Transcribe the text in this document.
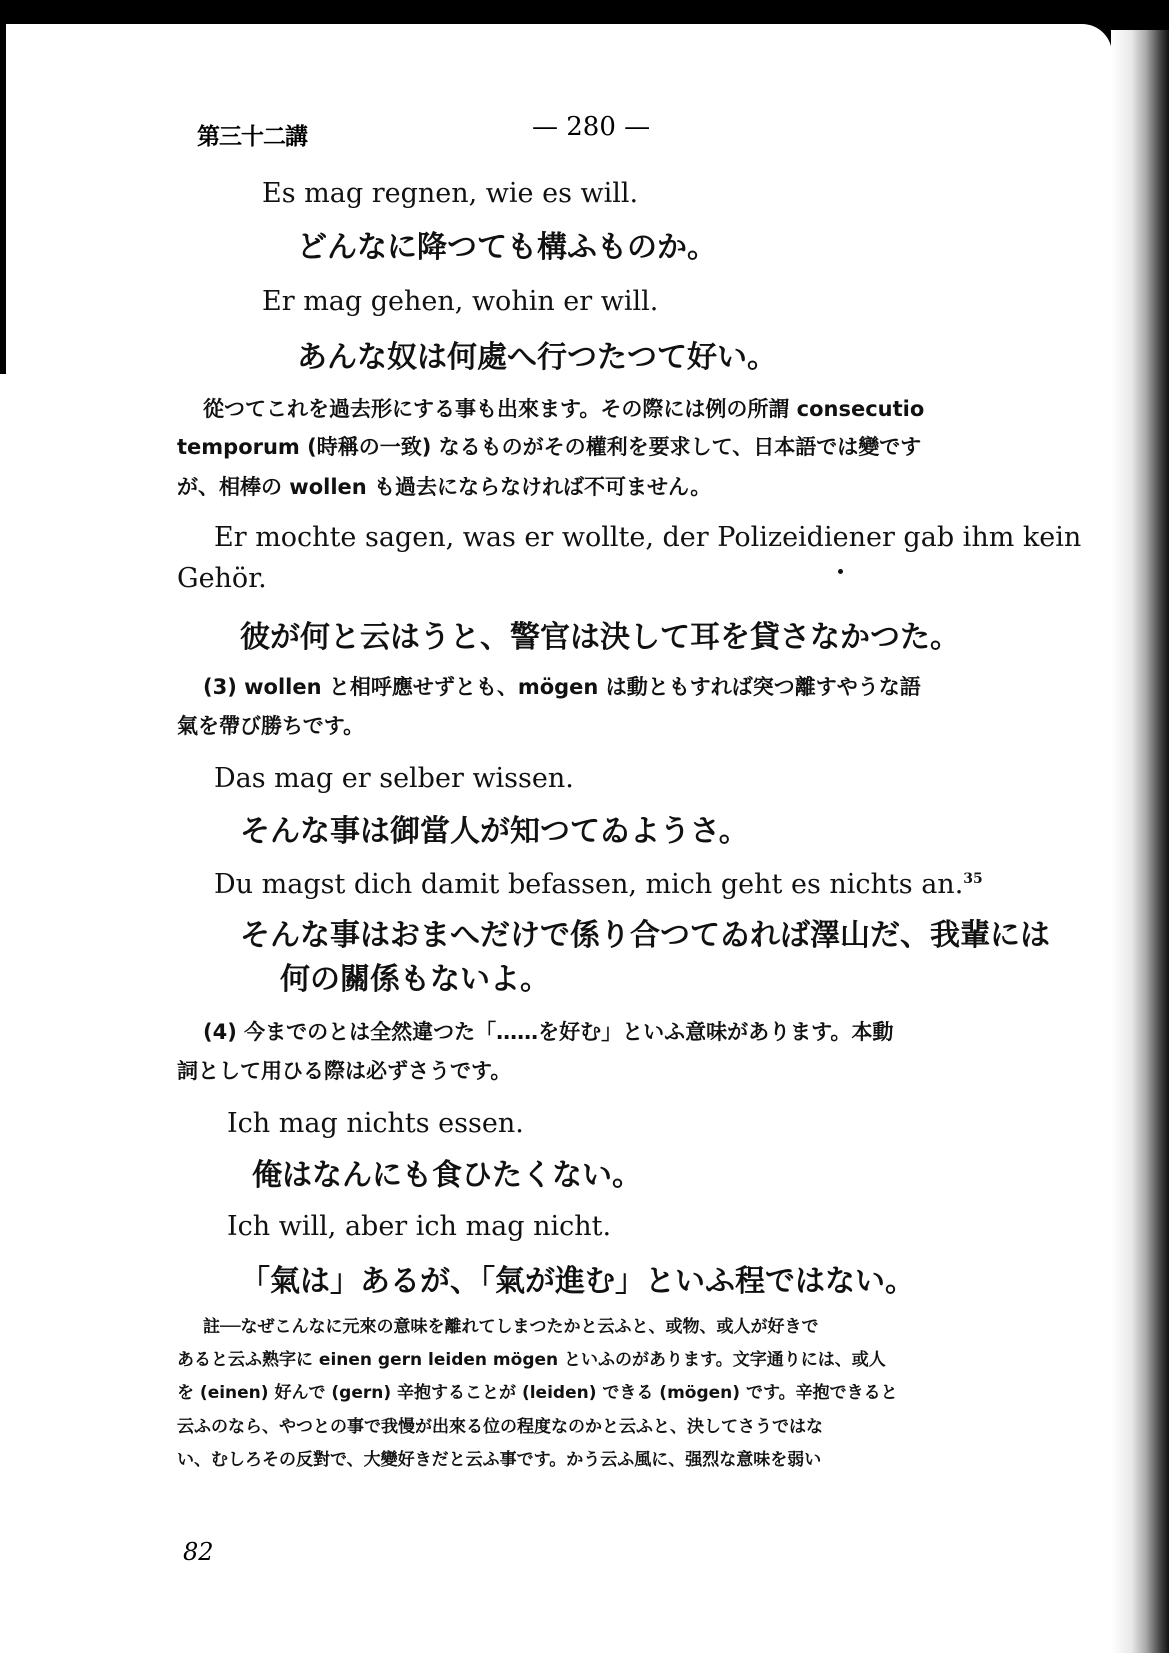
第三十二講	— 280 —
Es mag regnen, wie es will.
どんなに降つても構ふものか。
Er mag gehen, wohin er will.
あんな奴は何處へ行つたつて好い。
從つてこれを過去形にする事も出來ます。その際には例の所謂 consecutio
temporum (時稱の一致) なるものがその權利を要求して、日本語では變です
が、相棒の wollen も過去にならなければ不可ません。
Er mochte sagen, was er wollte, der Polizeidiener gab ihm kein
Gehör.
彼が何と云はうと、警官は決して耳を貸さなかつた。
(3) wollen と相呼應せずとも、mögen は動ともすれば突つ離すやうな語
氣を帶び勝ちです。
Das mag er selber wissen.
そんな事は御當人が知つてゐようさ。
Du magst dich damit befassen, mich geht es nichts an.$^{35}$
そんな事はおまへだけで係り合つてゐれば澤山だ、我輩には
何の關係もないよ。
(4) 今までのとは全然違つた「……を好む」といふ意味があります。本動
詞として用ひる際は必ずさうです。
Ich mag nichts essen.
俺はなんにも食ひたくない。
Ich will, aber ich mag nicht.
「氣は」あるが、「氣が進む」といふ程ではない。
註──なぜこんなに元來の意味を離れてしまつたかと云ふと、或物、或人が好きで
あると云ふ熟字に einen gern leiden mögen といふのがあります。文字通りには、或人
を (einen) 好んで (gern) 辛抱することが (leiden) できる (mögen) です。辛抱できると
云ふのなら、やつとの事で我慢が出來る位の程度なのかと云ふと、決してさうではな
い、むしろその反對で、大變好きだと云ふ事です。かう云ふ風に、强烈な意味を弱い
82
